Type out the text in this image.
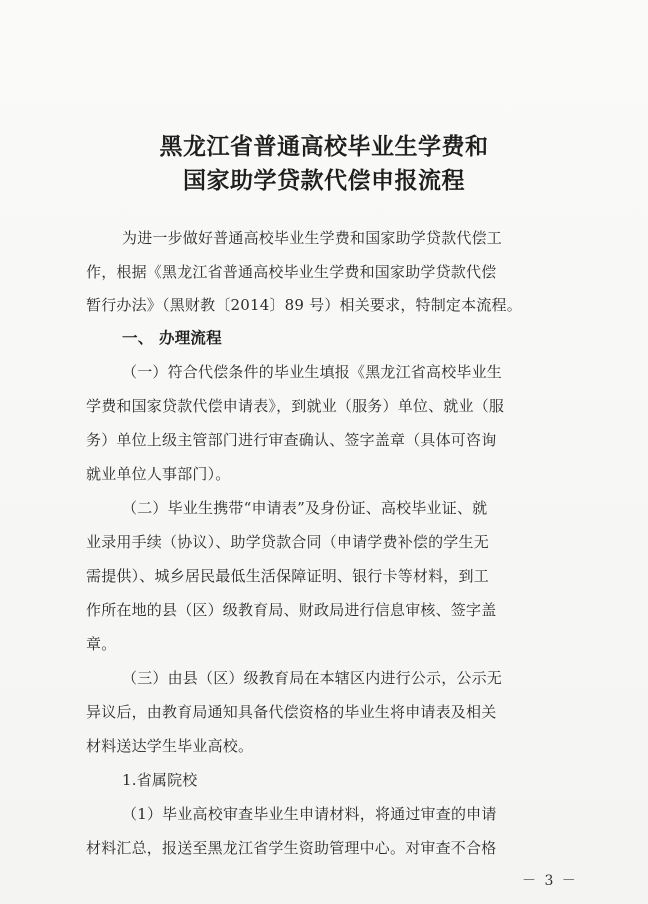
黑龙江省普通高校毕业生学费和
国家助学贷款代偿申报流程
为进一步做好普通高校毕业生学费和国家助学贷款代偿工
作，根据《黑龙江省普通高校毕业生学费和国家助学贷款代偿
暂行办法》（黑财教〔2014〕89 号）相关要求，特制定本流程。
一、 办理流程
（一）符合代偿条件的毕业生填报《黑龙江省高校毕业生
学费和国家贷款代偿申请表》，到就业（服务）单位、就业（服
务）单位上级主管部门进行审查确认、签字盖章（具体可咨询
就业单位人事部门）。
（二）毕业生携带“申请表”及身份证、高校毕业证、就
业录用手续（协议）、助学贷款合同（申请学费补偿的学生无
需提供）、城乡居民最低生活保障证明、银行卡等材料，到工
作所在地的县（区）级教育局、财政局进行信息审核、签字盖
章。
（三）由县（区）级教育局在本辖区内进行公示，公示无
异议后，由教育局通知具备代偿资格的毕业生将申请表及相关
材料送达学生毕业高校。
1.省属院校
（1）毕业高校审查毕业生申请材料，将通过审查的申请
材料汇总，报送至黑龙江省学生资助管理中心。对审查不合格
－ 3 －
